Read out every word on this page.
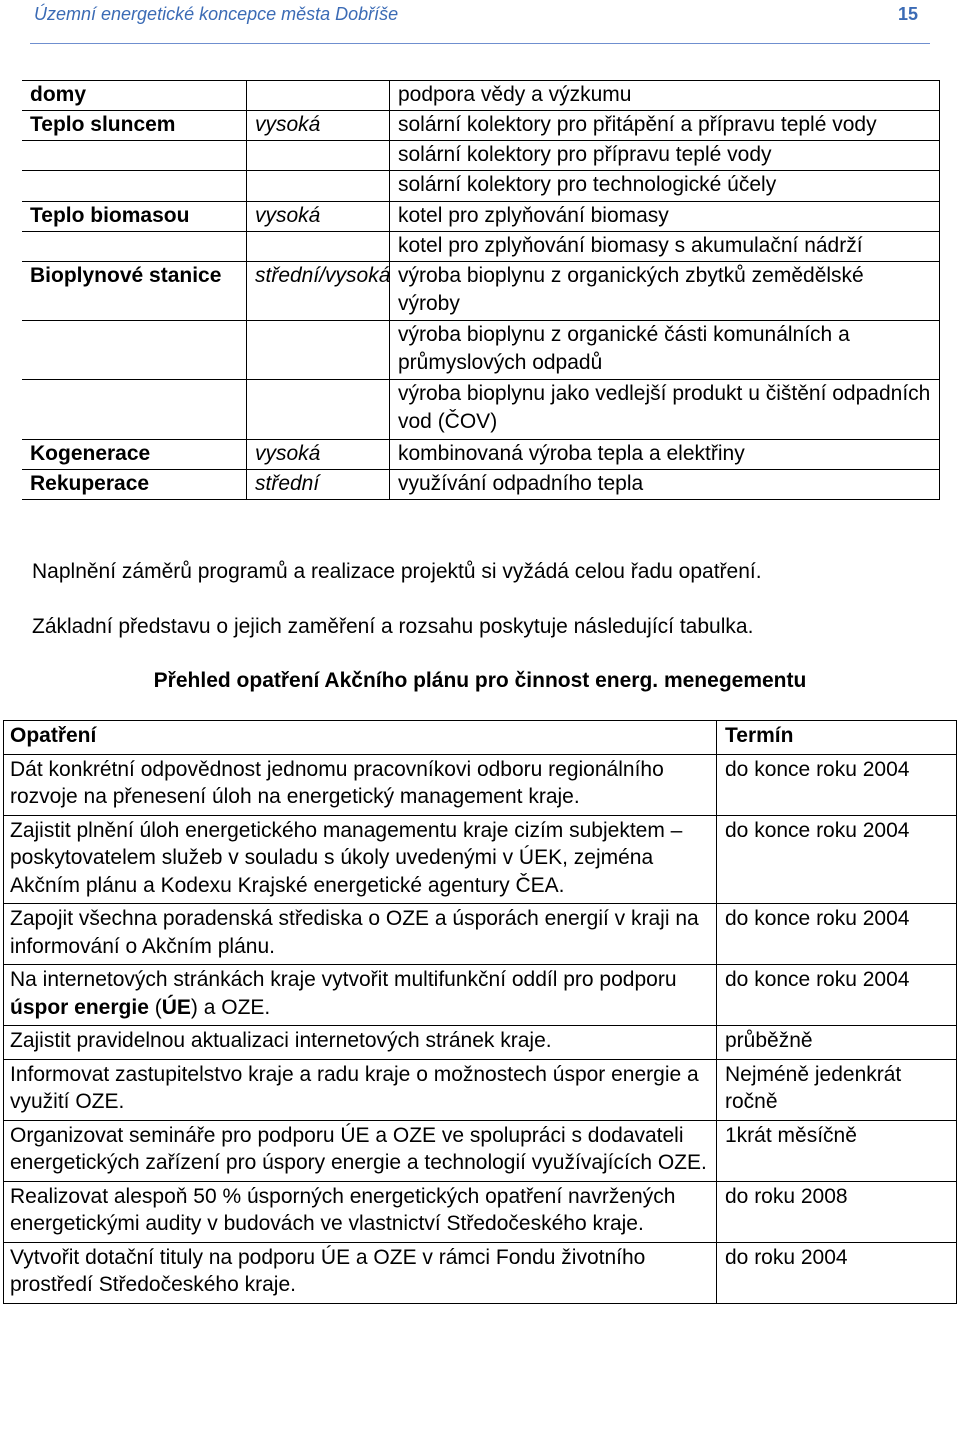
Územní energetické koncepce města Dobříše	15
domy		podpora vědy a výzkumu
Teplo sluncem	vysoká	solární kolektory pro přitápění a přípravu teplé vody
		solární kolektory pro přípravu teplé vody
		solární kolektory pro technologické účely
Teplo biomasou	vysoká	kotel pro zplyňování biomasy
		kotel pro zplyňování biomasy s akumulační nádrží
Bioplynové stanice	střední/vysoká	výroba bioplynu z organických zbytků zemědělské výroby
		výroba bioplynu z organické části komunálních a průmyslových odpadů
		výroba bioplynu jako vedlejší produkt u čištění odpadních vod (ČOV)
Kogenerace	vysoká	kombinovaná výroba tepla a elektřiny
Rekuperace	střední	využívání odpadního tepla
Naplnění záměrů programů a realizace projektů si vyžádá celou řadu opatření.
Základní představu o jejich zaměření a rozsahu poskytuje následující tabulka.
Přehled opatření Akčního plánu pro činnost energ. menegementu
Opatření	Termín
Dát konkrétní odpovědnost jednomu pracovníkovi odboru regionálního rozvoje na přenesení úloh na energetický management kraje.	do konce roku 2004
Zajistit plnění úloh energetického managementu kraje cizím subjektem – poskytovatelem služeb v souladu s úkoly uvedenými v ÚEK, zejména Akčním plánu a Kodexu Krajské energetické agentury ČEA.	do konce roku 2004
Zapojit všechna poradenská střediska o OZE a úsporách energií v kraji na informování o Akčním plánu.	do konce roku 2004
Na internetových stránkách kraje vytvořit multifunkční oddíl pro podporu úspor energie (ÚE) a OZE.	do konce roku 2004
Zajistit pravidelnou aktualizaci internetových stránek kraje.	průběžně
Informovat zastupitelstvo kraje a radu kraje o možnostech úspor energie a využití OZE.	Nejméně jedenkrát ročně
Organizovat semináře pro podporu ÚE a OZE ve spolupráci s dodavateli energetických zařízení pro úspory energie a technologií využívajících OZE.	1krát měsíčně
Realizovat alespoň 50 % úsporných energetických opatření navržených energetickými audity v budovách ve vlastnictví Středočeského kraje.	do roku 2008
Vytvořit dotační tituly na podporu ÚE a OZE v rámci Fondu životního prostředí Středočeského kraje.	do roku 2004
